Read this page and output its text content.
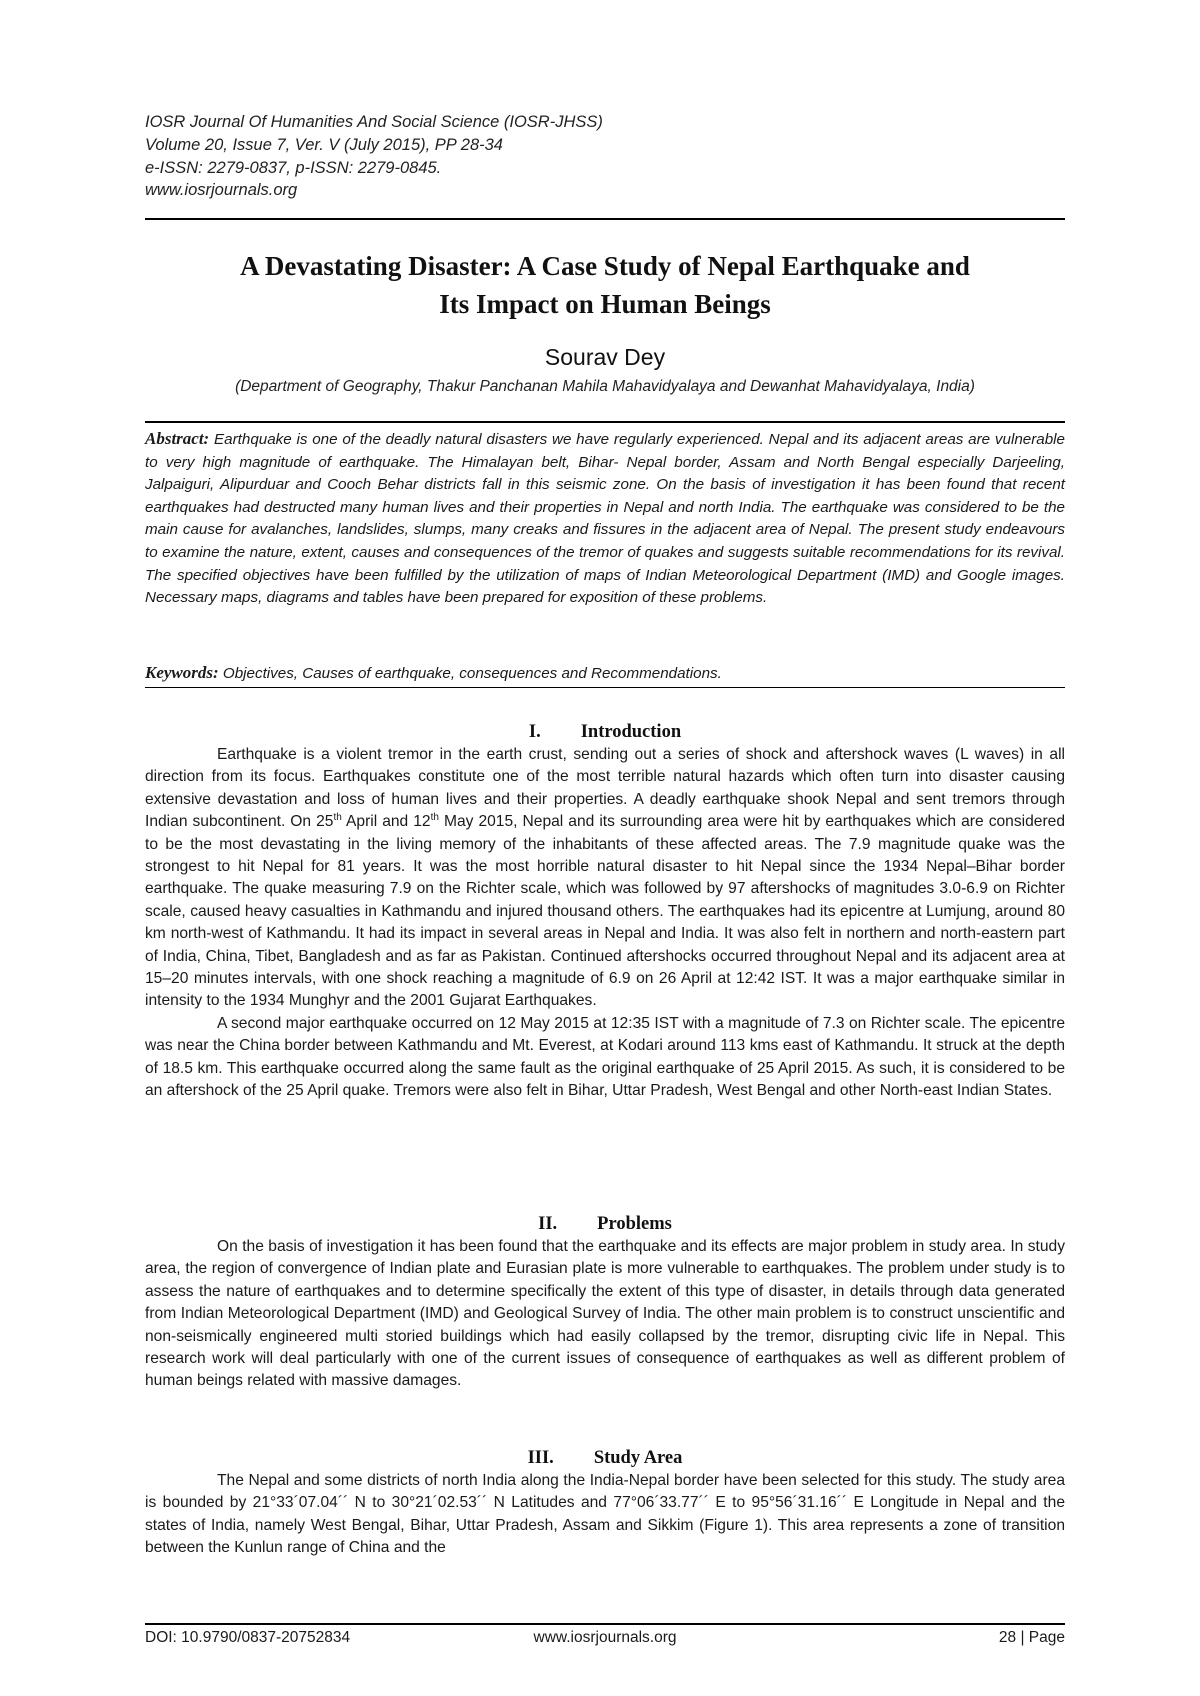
IOSR Journal Of Humanities And Social Science (IOSR-JHSS)
Volume 20, Issue 7, Ver. V (July 2015), PP 28-34
e-ISSN: 2279-0837, p-ISSN: 2279-0845.
www.iosrjournals.org
A Devastating Disaster: A Case Study of Nepal Earthquake and
Its Impact on Human Beings
Sourav Dey
(Department of Geography, Thakur Panchanan Mahila Mahavidyalaya and Dewanhat Mahavidyalaya, India)

Abstract: Earthquake is one of the deadly natural disasters we have regularly experienced. Nepal and its adjacent areas are vulnerable to very high magnitude of earthquake. The Himalayan belt, Bihar- Nepal border, Assam and North Bengal especially Darjeeling, Jalpaiguri, Alipurduar and Cooch Behar districts fall in this seismic zone. On the basis of investigation it has been found that recent earthquakes had destructed many human lives and their properties in Nepal and north India. The earthquake was considered to be the main cause for avalanches, landslides, slumps, many creaks and fissures in the adjacent area of Nepal. The present study endeavours to examine the nature, extent, causes and consequences of the tremor of quakes and suggests suitable recommendations for its revival. The specified objectives have been fulfilled by the utilization of maps of Indian Meteorological Department (IMD) and Google images. Necessary maps, diagrams and tables have been prepared for exposition of these problems.

Keywords: Objectives, Causes of earthquake, consequences and Recommendations.
I. Introduction

Earthquake is a violent tremor in the earth crust, sending out a series of shock and aftershock waves (L waves) in all direction from its focus. Earthquakes constitute one of the most terrible natural hazards which often turn into disaster causing extensive devastation and loss of human lives and their properties. A deadly earthquake shook Nepal and sent tremors through Indian subcontinent. On 25th April and 12th May 2015, Nepal and its surrounding area were hit by earthquakes which are considered to be the most devastating in the living memory of the inhabitants of these affected areas. The 7.9 magnitude quake was the strongest to hit Nepal for 81 years. It was the most horrible natural disaster to hit Nepal since the 1934 Nepal–Bihar border earthquake. The quake measuring 7.9 on the Richter scale, which was followed by 97 aftershocks of magnitudes 3.0-6.9 on Richter scale, caused heavy casualties in Kathmandu and injured thousand others. The earthquakes had its epicentre at Lumjung, around 80 km north-west of Kathmandu. It had its impact in several areas in Nepal and India. It was also felt in northern and north-eastern part of India, China, Tibet, Bangladesh and as far as Pakistan. Continued aftershocks occurred throughout Nepal and its adjacent area at 15–20 minutes intervals, with one shock reaching a magnitude of 6.9 on 26 April at 12:42 IST. It was a major earthquake similar in intensity to the 1934 Munghyr and the 2001 Gujarat Earthquakes.

A second major earthquake occurred on 12 May 2015 at 12:35 IST with a magnitude of 7.3 on Richter scale. The epicentre was near the China border between Kathmandu and Mt. Everest, at Kodari around 113 kms east of Kathmandu. It struck at the depth of 18.5 km. This earthquake occurred along the same fault as the original earthquake of 25 April 2015. As such, it is considered to be an aftershock of the 25 April quake. Tremors were also felt in Bihar, Uttar Pradesh, West Bengal and other North-east Indian States.

II. Problems

On the basis of investigation it has been found that the earthquake and its effects are major problem in study area. In study area, the region of convergence of Indian plate and Eurasian plate is more vulnerable to earthquakes. The problem under study is to assess the nature of earthquakes and to determine specifically the extent of this type of disaster, in details through data generated from Indian Meteorological Department (IMD) and Geological Survey of India. The other main problem is to construct unscientific and non-seismically engineered multi storied buildings which had easily collapsed by the tremor, disrupting civic life in Nepal. This research work will deal particularly with one of the current issues of consequence of earthquakes as well as different problem of human beings related with massive damages.

III. Study Area

The Nepal and some districts of north India along the India-Nepal border have been selected for this study. The study area is bounded by 21°33´07.04´´ N to 30°21´02.53´´ N Latitudes and 77°06´33.77´´ E to 95°56´31.16´´ E Longitude in Nepal and the states of India, namely West Bengal, Bihar, Uttar Pradesh, Assam and Sikkim (Figure 1). This area represents a zone of transition between the Kunlun range of China and the

DOI: 10.9790/0837-20752834	www.iosrjournals.org	28 | Page
